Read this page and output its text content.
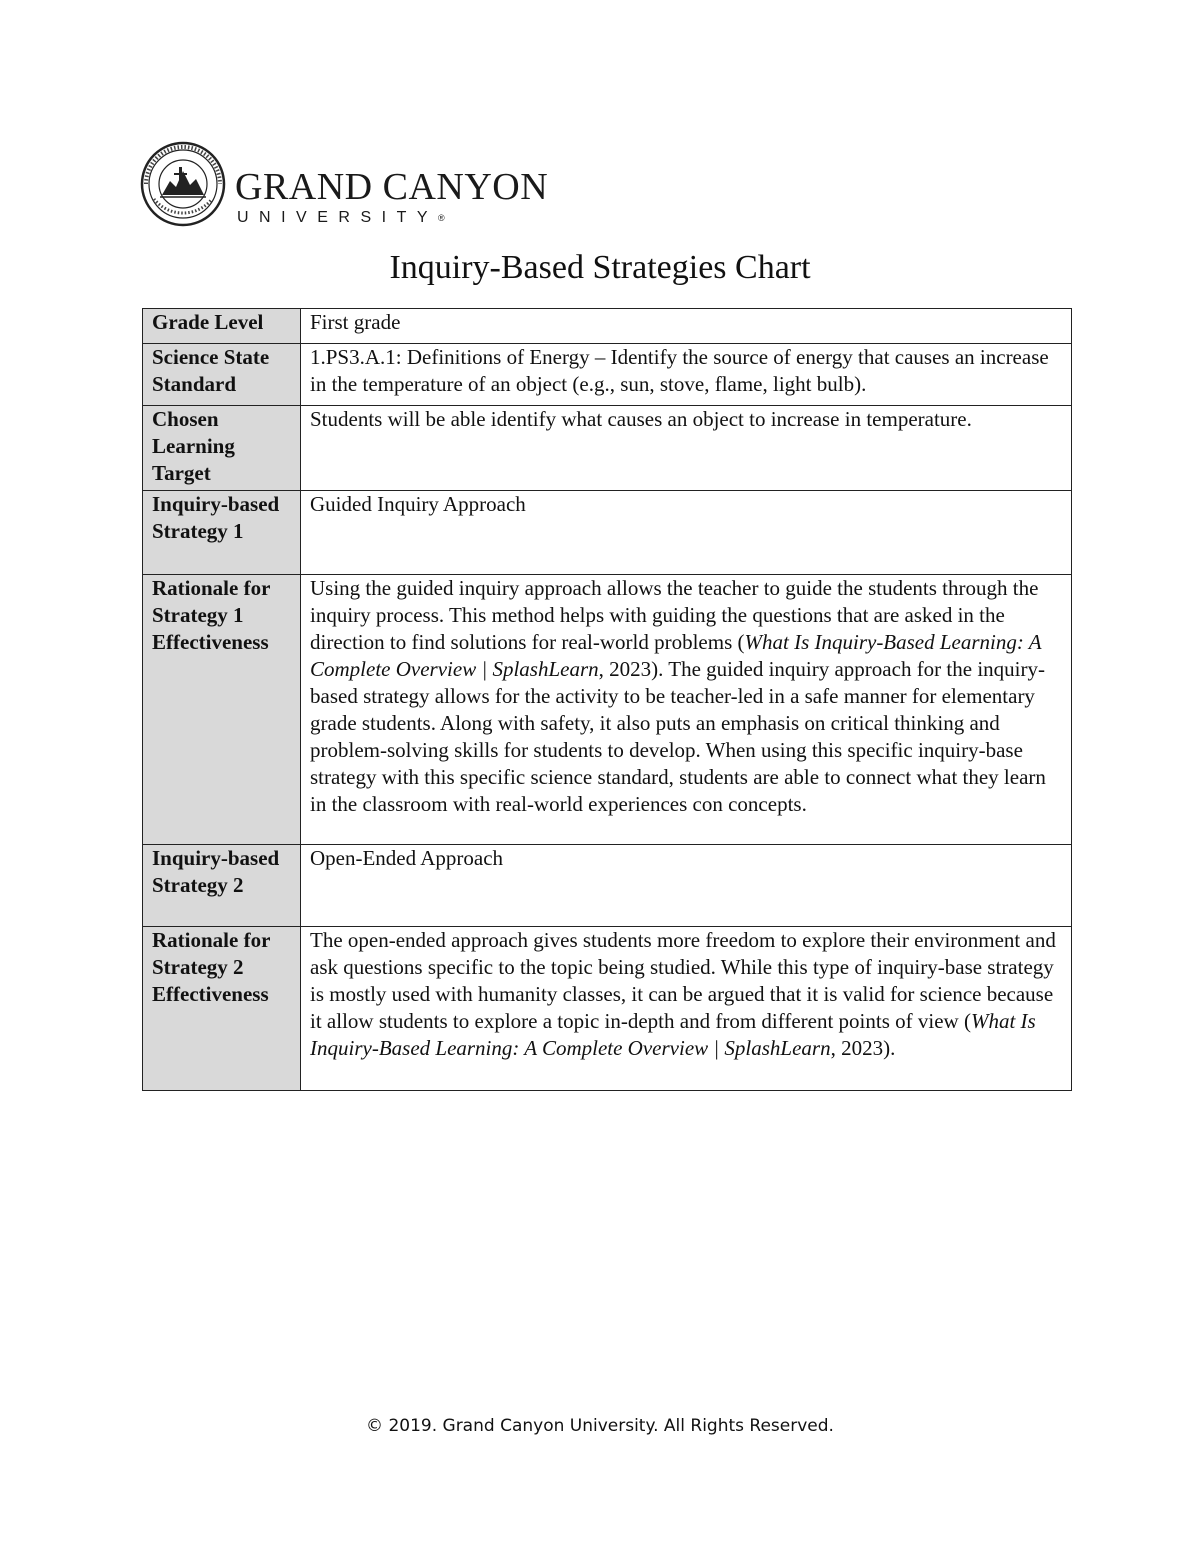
GRAND CANYON
UNIVERSITY®
Inquiry-Based Strategies Chart
Grade Level	First grade
Science State Standard	1.PS3.A.1: Definitions of Energy – Identify the source of energy that causes an increase in the temperature of an object (e.g., sun, stove, flame, light bulb).
Chosen Learning Target	Students will be able identify what causes an object to increase in temperature.
Inquiry-based Strategy 1	Guided Inquiry Approach
Rationale for Strategy 1 Effectiveness	Using the guided inquiry approach allows the teacher to guide the students through the inquiry process. This method helps with guiding the questions that are asked in the direction to find solutions for real-world problems (What Is Inquiry-Based Learning: A Complete Overview | SplashLearn, 2023). The guided inquiry approach for the inquiry-based strategy allows for the activity to be teacher-led in a safe manner for elementary grade students. Along with safety, it also puts an emphasis on critical thinking and problem-solving skills for students to develop. When using this specific inquiry-base strategy with this specific science standard, students are able to connect what they learn in the classroom with real-world experiences con concepts.
Inquiry-based Strategy 2	Open-Ended Approach
Rationale for Strategy 2 Effectiveness	The open-ended approach gives students more freedom to explore their environment and ask questions specific to the topic being studied. While this type of inquiry-base strategy is mostly used with humanity classes, it can be argued that it is valid for science because it allow students to explore a topic in-depth and from different points of view (What Is Inquiry-Based Learning: A Complete Overview | SplashLearn, 2023).
© 2019. Grand Canyon University. All Rights Reserved.
